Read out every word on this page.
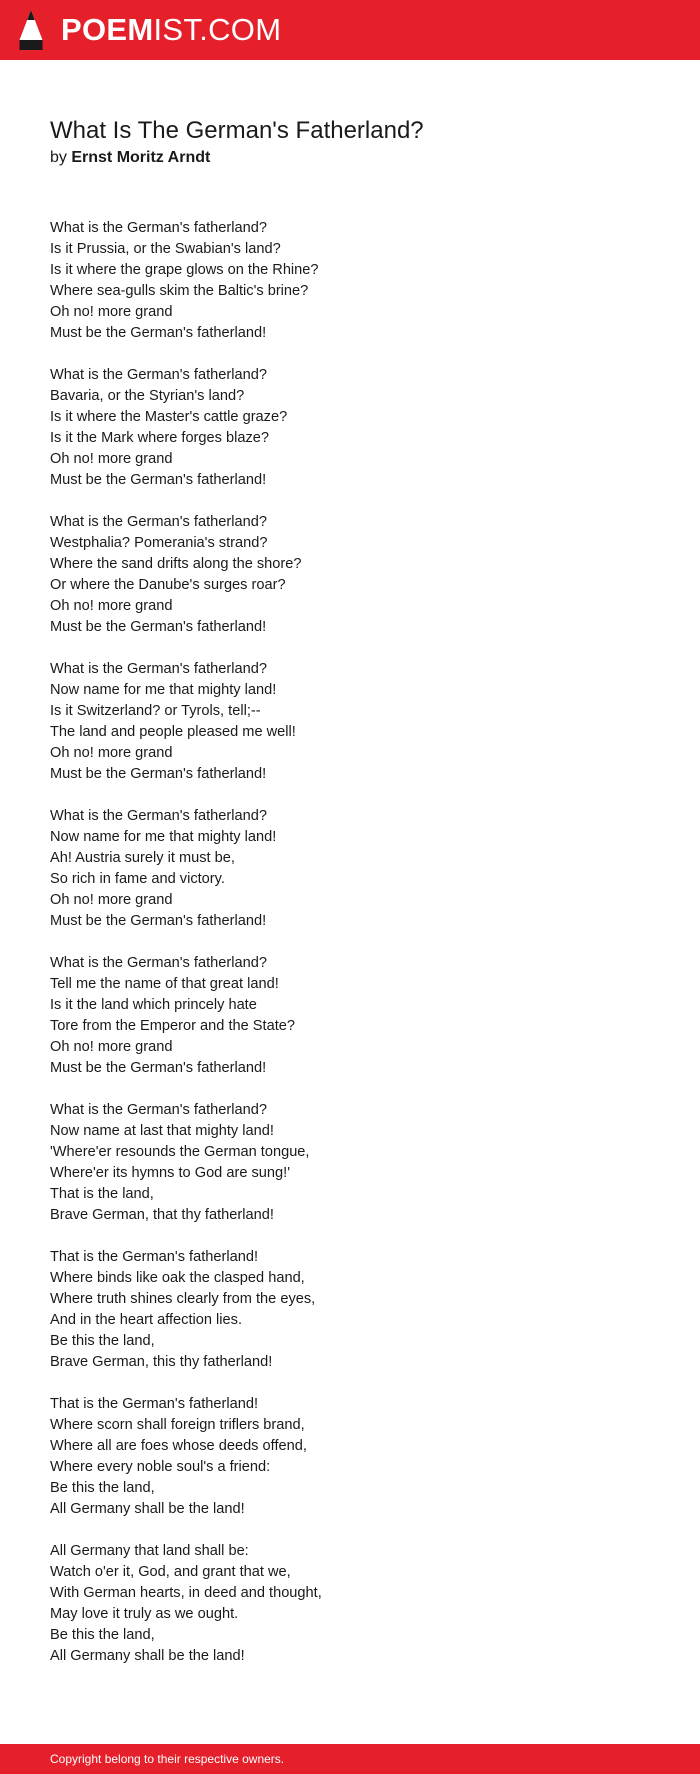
POEMIST.COM
What Is The German's Fatherland?
by Ernst Moritz Arndt
What is the German's fatherland?
Is it Prussia, or the Swabian's land?
Is it where the grape glows on the Rhine?
Where sea-gulls skim the Baltic's brine?
Oh no! more grand
Must be the German's fatherland!
What is the German's fatherland?
Bavaria, or the Styrian's land?
Is it where the Master's cattle graze?
Is it the Mark where forges blaze?
Oh no! more grand
Must be the German's fatherland!
What is the German's fatherland?
Westphalia? Pomerania's strand?
Where the sand drifts along the shore?
Or where the Danube's surges roar?
Oh no! more grand
Must be the German's fatherland!
What is the German's fatherland?
Now name for me that mighty land!
Is it Switzerland? or Tyrols, tell;--
The land and people pleased me well!
Oh no! more grand
Must be the German's fatherland!
What is the German's fatherland?
Now name for me that mighty land!
Ah! Austria surely it must be,
So rich in fame and victory.
Oh no! more grand
Must be the German's fatherland!
What is the German's fatherland?
Tell me the name of that great land!
Is it the land which princely hate
Tore from the Emperor and the State?
Oh no! more grand
Must be the German's fatherland!
What is the German's fatherland?
Now name at last that mighty land!
'Where'er resounds the German tongue,
Where'er its hymns to God are sung!'
That is the land,
Brave German, that thy fatherland!
That is the German's fatherland!
Where binds like oak the clasped hand,
Where truth shines clearly from the eyes,
And in the heart affection lies.
Be this the land,
Brave German, this thy fatherland!
That is the German's fatherland!
Where scorn shall foreign triflers brand,
Where all are foes whose deeds offend,
Where every noble soul's a friend:
Be this the land,
All Germany shall be the land!
All Germany that land shall be:
Watch o'er it, God, and grant that we,
With German hearts, in deed and thought,
May love it truly as we ought.
Be this the land,
All Germany shall be the land!
Copyright belong to their respective owners.
